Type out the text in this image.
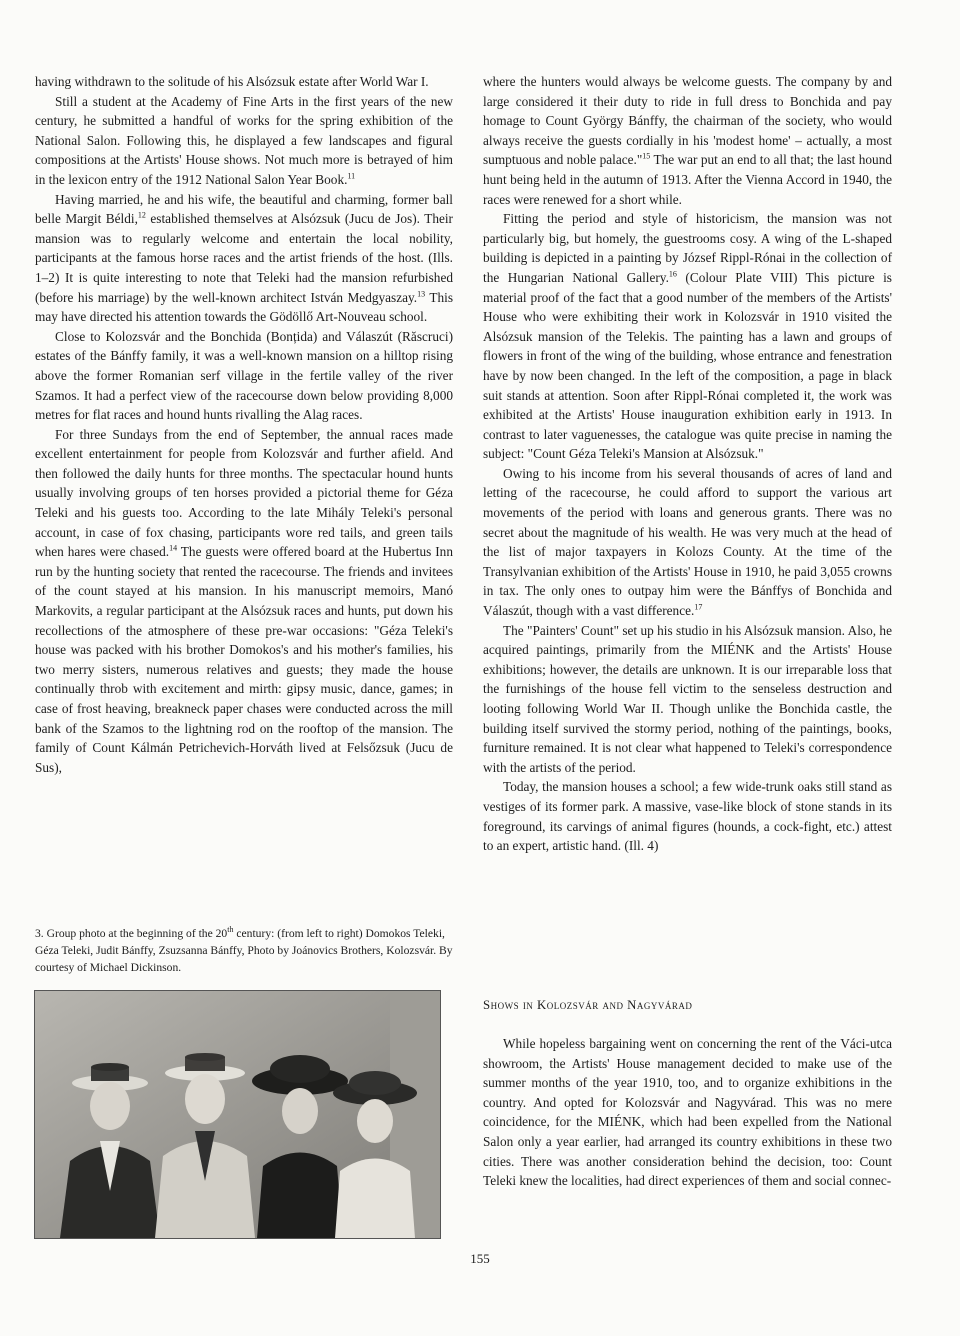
having withdrawn to the solitude of his Alsózsuk estate after World War I.

Still a student at the Academy of Fine Arts in the first years of the new century, he submitted a handful of works for the spring exhibition of the National Salon. Following this, he displayed a few landscapes and figural compositions at the Artists' House shows. Not much more is betrayed of him in the lexicon entry of the 1912 National Salon Year Book.$^{11}$

Having married, he and his wife, the beautiful and charming, former ball belle Margit Béldi,$^{12}$ established themselves at Alsózsuk (Jucu de Jos). Their mansion was to regularly welcome and entertain the local nobility, participants at the famous horse races and the artist friends of the host. (Ills. 1–2) It is quite interesting to note that Teleki had the mansion refurbished (before his marriage) by the well-known architect István Medgyaszay.$^{13}$ This may have directed his attention towards the Gödöllő Art-Nouveau school.

Close to Kolozsvár and the Bonchida (Bonțida) and Válaszút (Răscruci) estates of the Bánffy family, it was a well-known mansion on a hilltop rising above the former Romanian serf village in the fertile valley of the river Szamos. It had a perfect view of the racecourse down below providing 8,000 metres for flat races and hound hunts rivalling the Alag races.

For three Sundays from the end of September, the annual races made excellent entertainment for people from Kolozsvár and further afield. And then followed the daily hunts for three months. The spectacular hound hunts usually involving groups of ten horses provided a pictorial theme for Géza Teleki and his guests too. According to the late Mihály Teleki's personal account, in case of fox chasing, participants wore red tails, and green tails when hares were chased.$^{14}$ The guests were offered board at the Hubertus Inn run by the hunting society that rented the racecourse. The friends and invitees of the count stayed at his mansion. In his manuscript memoirs, Manó Markovits, a regular participant at the Alsózsuk races and hunts, put down his recollections of the atmosphere of these pre-war occasions: "Géza Teleki's house was packed with his brother Domokos's and his mother's families, his two merry sisters, numerous relatives and guests; they made the house continually throb with excitement and mirth: gipsy music, dance, games; in case of frost heaving, breakneck paper chases were conducted across the mill bank of the Szamos to the lightning rod on the rooftop of the mansion. The family of Count Kálmán Petrichevich-Horváth lived at Felsőzsuk (Jucu de Sus),

3. Group photo at the beginning of the 20th century: (from left to right) Domokos Teleki, Géza Teleki, Judit Bánffy, Zsuzsanna Bánffy, Photo by Joánovics Brothers, Kolozsvár. By courtesy of Michael Dickinson.

where the hunters would always be welcome guests. The company by and large considered it their duty to ride in full dress to Bonchida and pay homage to Count György Bánffy, the chairman of the society, who would always receive the guests cordially in his 'modest home' – actually, a most sumptuous and noble palace."$^{15}$ The war put an end to all that; the last hound hunt being held in the autumn of 1913. After the Vienna Accord in 1940, the races were renewed for a short while.

Fitting the period and style of historicism, the mansion was not particularly big, but homely, the guestrooms cosy. A wing of the L-shaped building is depicted in a painting by József Rippl-Rónai in the collection of the Hungarian National Gallery.$^{16}$ (Colour Plate VIII) This picture is material proof of the fact that a good number of the members of the Artists' House who were exhibiting their work in Kolozsvár in 1910 visited the Alsózsuk mansion of the Telekis. The painting has a lawn and groups of flowers in front of the wing of the building, whose entrance and fenestration have by now been changed. In the left of the composition, a page in black suit stands at attention. Soon after Rippl-Rónai completed it, the work was exhibited at the Artists' House inauguration exhibition early in 1913. In contrast to later vaguenesses, the catalogue was quite precise in naming the subject: "Count Géza Teleki's Mansion at Alsózsuk."

Owing to his income from his several thousands of acres of land and letting of the racecourse, he could afford to support the various art movements of the period with loans and generous grants. There was no secret about the magnitude of his wealth. He was very much at the head of the list of major taxpayers in Kolozs County. At the time of the Transylvanian exhibition of the Artists' House in 1910, he paid 3,055 crowns in tax. The only ones to outpay him were the Bánffys of Bonchida and Válaszút, though with a vast difference.$^{17}$

The "Painters' Count" set up his studio in his Alsózsuk mansion. Also, he acquired paintings, primarily from the MIÉNK and the Artists' House exhibitions; however, the details are unknown. It is our irreparable loss that the furnishings of the house fell victim to the senseless destruction and looting following World War II. Though unlike the Bonchida castle, the building itself survived the stormy period, nothing of the paintings, books, furniture remained. It is not clear what happened to Teleki's correspondence with the artists of the period.

Today, the mansion houses a school; a few wide-trunk oaks still stand as vestiges of its former park. A massive, vase-like block of stone stands in its foreground, its carvings of animal figures (hounds, a cock-fight, etc.) attest to an expert, artistic hand. (Ill. 4)

Shows in Kolozsvár and Nagyvárad

While hopeless bargaining went on concerning the rent of the Váci-utca showroom, the Artists' House management decided to make use of the summer months of the year 1910, too, and to organize exhibitions in the country. And opted for Kolozsvár and Nagyvárad. This was no mere coincidence, for the MIÉNK, which had been expelled from the National Salon only a year earlier, had arranged its country exhibitions in these two cities. There was another consideration behind the decision, too: Count Teleki knew the localities, had direct experiences of them and social connec-

155
